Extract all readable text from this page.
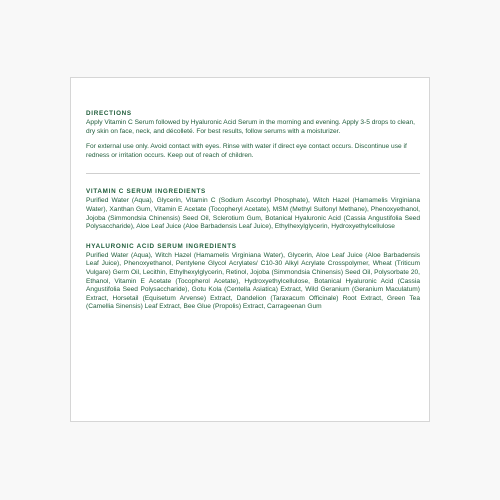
DIRECTIONS

Apply Vitamin C Serum followed by Hyaluronic Acid Serum in the morning and evening. Apply 3-5 drops to clean, dry skin on face, neck, and décolleté. For best results, follow serums with a moisturizer.

For external use only. Avoid contact with eyes. Rinse with water if direct eye contact occurs. Discontinue use if redness or irritation occurs. Keep out of reach of children.

VITAMIN C SERUM INGREDIENTS

Purified Water (Aqua), Glycerin, Vitamin C (Sodium Ascorbyl Phosphate), Witch Hazel (Hamamelis Virginiana Water), Xanthan Gum, Vitamin E Acetate (Tocopheryl Acetate), MSM (Methyl Sulfonyl Methane), Phenoxyethanol, Jojoba (Simmondsia Chinensis) Seed Oil, Sclerotium Gum, Botanical Hyaluronic Acid (Cassia Angustifolia Seed Polysaccharide), Aloe Leaf Juice (Aloe Barbadensis Leaf Juice), Ethylhexylglycerin, Hydroxyethylcellulose

HYALURONIC ACID SERUM INGREDIENTS

Purified Water (Aqua), Witch Hazel (Hamamelis Virginiana Water), Glycerin, Aloe Leaf Juice (Aloe Barbadensis Leaf Juice), Phenoxyethanol, Pentylene Glycol Acrylates/ C10-30 Alkyl Acrylate Crosspolymer, Wheat (Triticum Vulgare) Germ Oil, Lecithin, Ethylhexylglycerin, Retinol, Jojoba (Simmondsia Chinensis) Seed Oil, Polysorbate 20, Ethanol, Vitamin E Acetate (Tocopherol Acetate), Hydroxyethylcellulose, Botanical Hyaluronic Acid (Cassia Angustifolia Seed Polysaccharide), Gotu Kola (Centella Asiatica) Extract, Wild Geranium (Geranium Maculatum) Extract, Horsetail (Equisetum Arvense) Extract, Dandelion (Taraxacum Officinale) Root Extract, Green Tea (Camellia Sinensis) Leaf Extract, Bee Glue (Propolis) Extract, Carrageenan Gum
